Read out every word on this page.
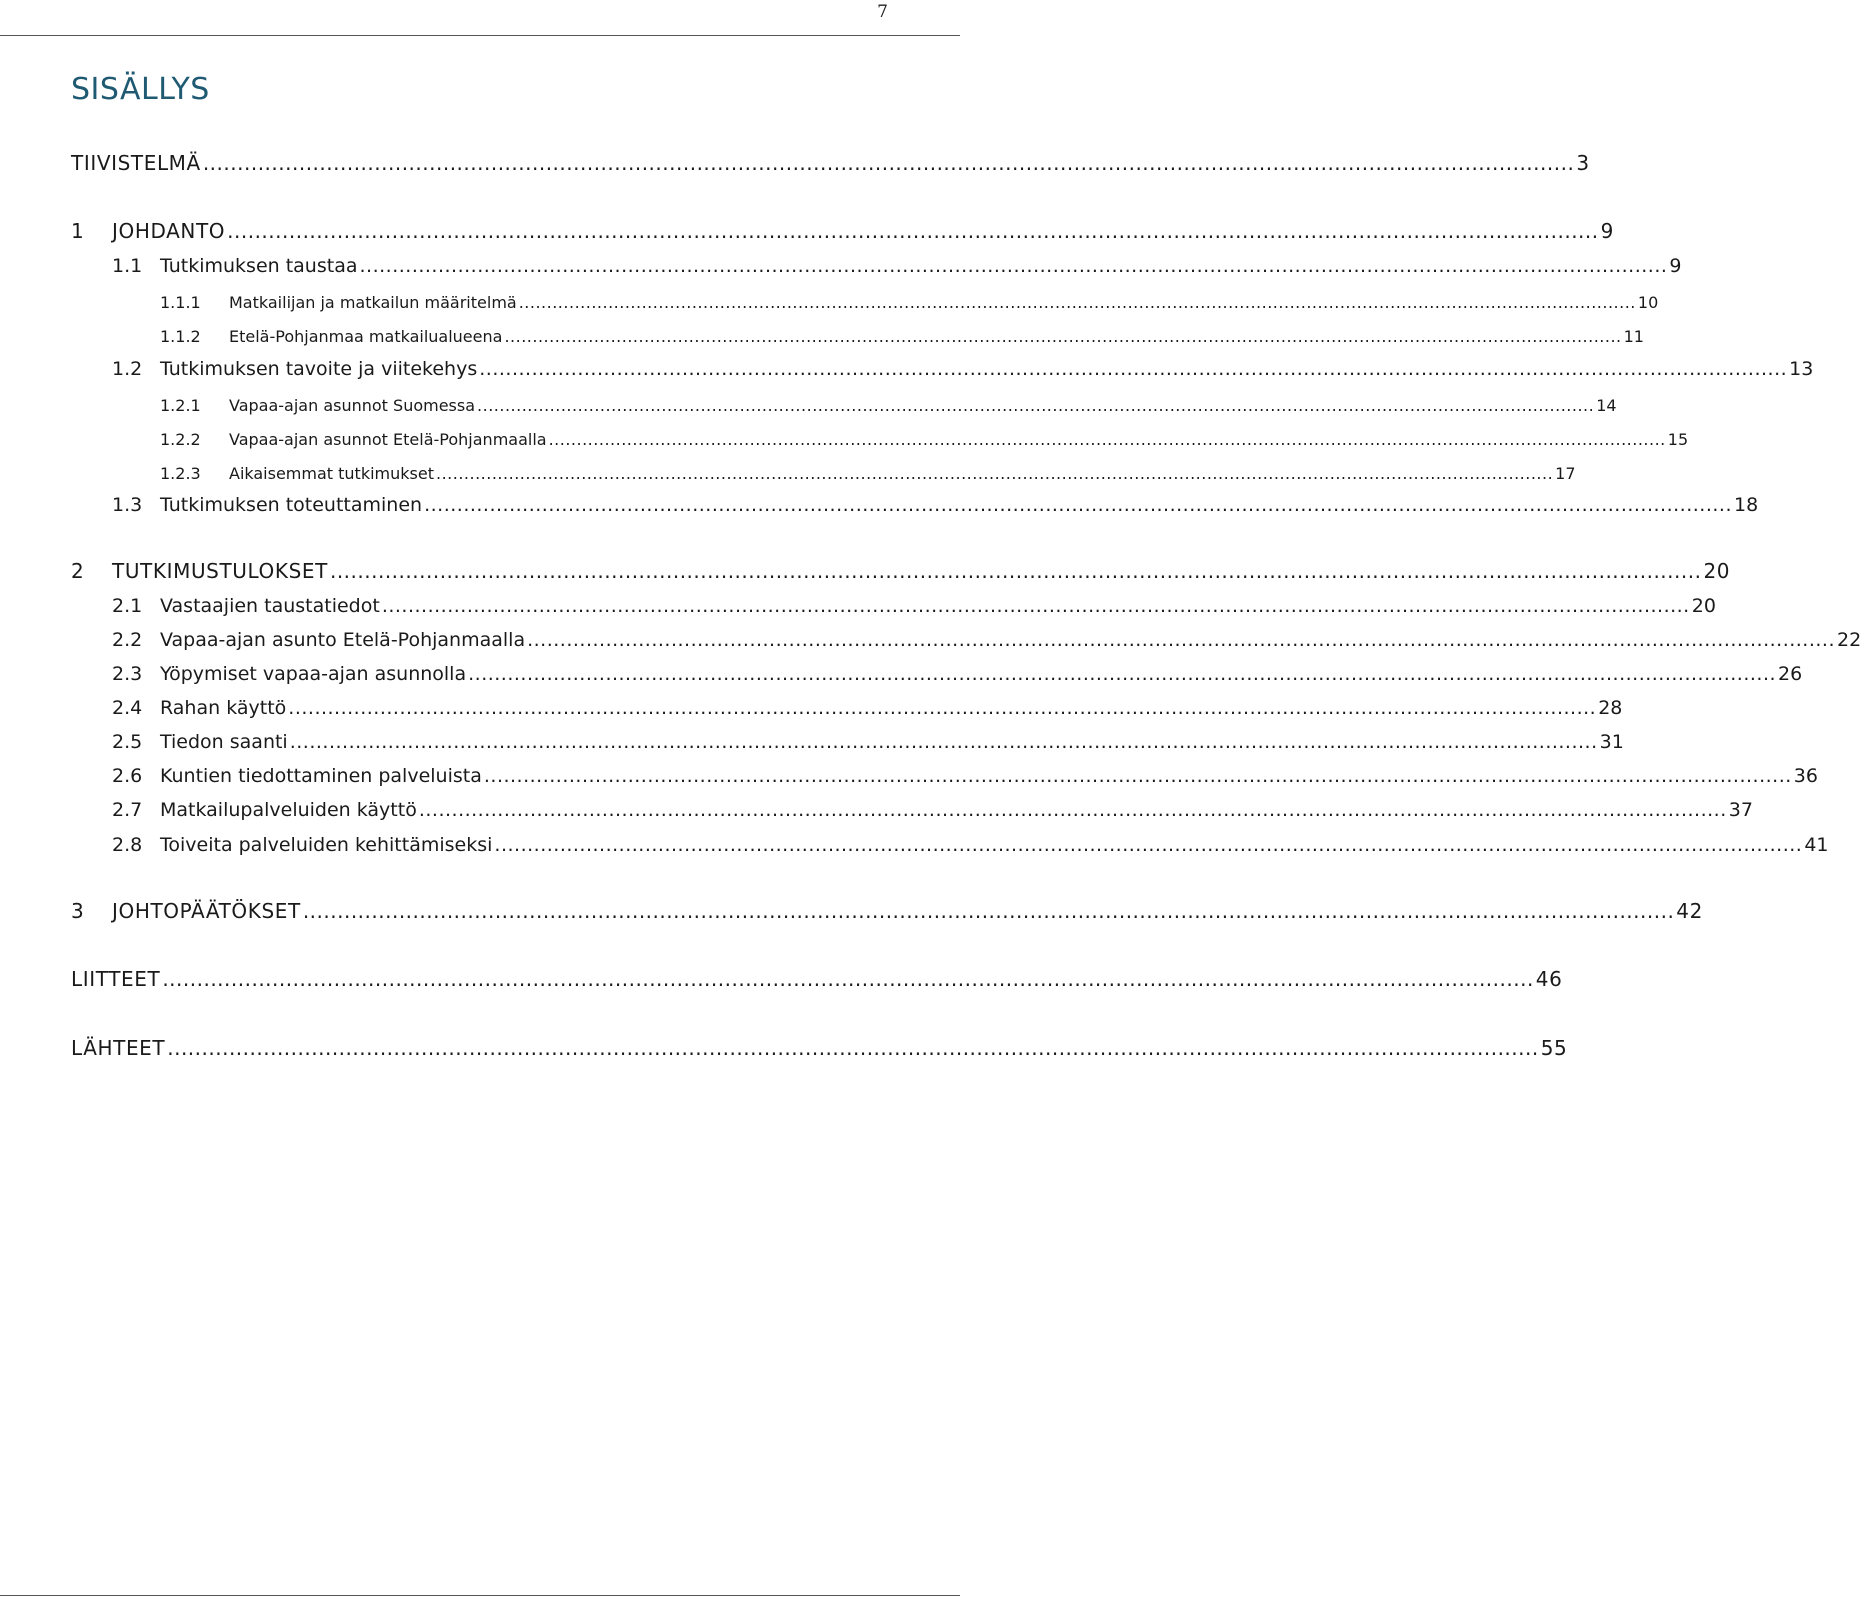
7
SISÄLLYS
TIIVISTELMÄ ........................................................................................................................................................................................................ 3
1 JOHDANTO ........................................................................................................................................................................................................ 9
1.1 Tutkimuksen taustaa ........................................................................................................................................................................................................ 9
1.1.1 Matkailijan ja matkailun määritelmä ........................................................................................................................................................................................................ 10
1.1.2 Etelä-Pohjanmaa matkailualueena ........................................................................................................................................................................................................ 11
1.2 Tutkimuksen tavoite ja viitekehys ........................................................................................................................................................................................................ 13
1.2.1 Vapaa-ajan asunnot Suomessa ........................................................................................................................................................................................................ 14
1.2.2 Vapaa-ajan asunnot Etelä-Pohjanmaalla ........................................................................................................................................................................................................ 15
1.2.3 Aikaisemmat tutkimukset ........................................................................................................................................................................................................ 17
1.3 Tutkimuksen toteuttaminen ........................................................................................................................................................................................................ 18
2 TUTKIMUSTULOKSET ........................................................................................................................................................................................................ 20
2.1 Vastaajien taustatiedot ........................................................................................................................................................................................................ 20
2.2 Vapaa-ajan asunto Etelä-Pohjanmaalla ........................................................................................................................................................................................................ 22
2.3 Yöpymiset vapaa-ajan asunnolla ........................................................................................................................................................................................................ 26
2.4 Rahan käyttö ........................................................................................................................................................................................................ 28
2.5 Tiedon saanti ........................................................................................................................................................................................................ 31
2.6 Kuntien tiedottaminen palveluista ........................................................................................................................................................................................................ 36
2.7 Matkailupalveluiden käyttö ........................................................................................................................................................................................................ 37
2.8 Toiveita palveluiden kehittämiseksi ........................................................................................................................................................................................................ 41
3 JOHTOPÄÄTÖKSET ........................................................................................................................................................................................................ 42
LIITTEET ........................................................................................................................................................................................................ 46
LÄHTEET ........................................................................................................................................................................................................ 55
